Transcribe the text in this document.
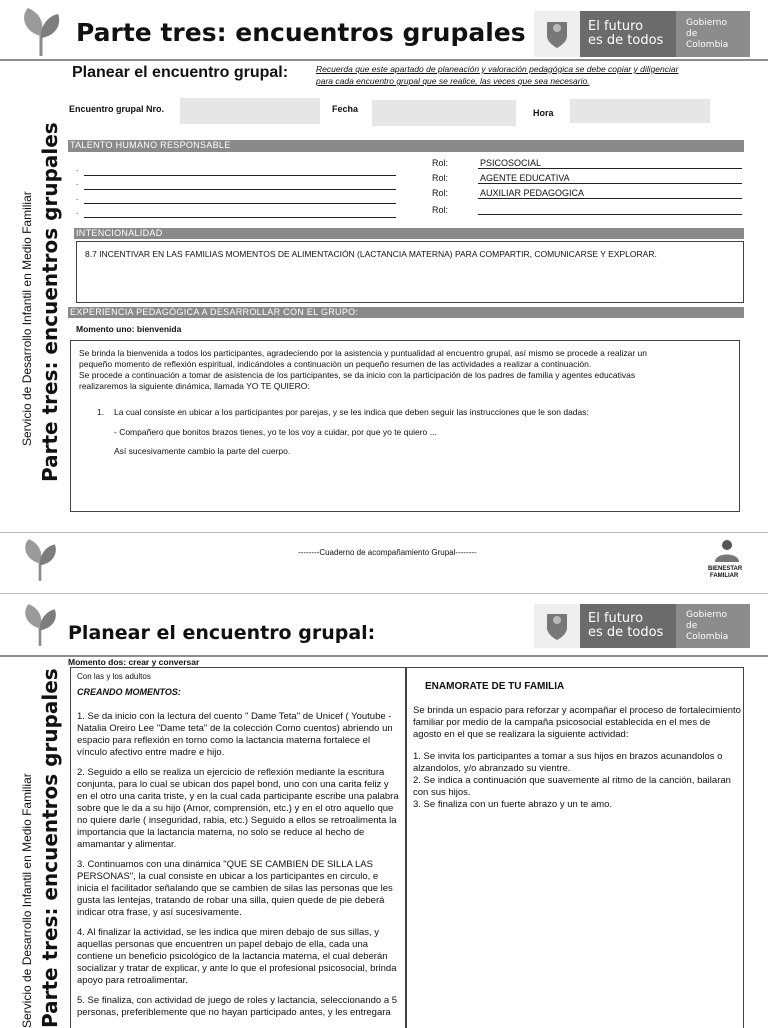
Parte tres: encuentros grupales	El futuro
es de todos
Gobierno
de Colombia
Planear el encuentro grupal:	Recuerda que este apartado de planeación y valoración pedagógica se debe copiar y diligenciar
para cada encuentro grupal que se realice, las veces que sea necesario.
Encuentro grupal Nro.	Fecha	Hora
TALENTO HUMANO RESPONSABLE
.
.
.
.
Rol:	PSICOSOCIAL
Rol:	AGENTE EDUCATIVA
Rol:	AUXILIAR PEDAGOGICA
Rol:
INTENCIONALIDAD
8.7 INCENTIVAR EN LAS FAMILIAS MOMENTOS DE ALIMENTACIÓN (LACTANCIA MATERNA) PARA COMPARTIR, COMUNICARSE Y EXPLORAR.
EXPERIENCIA PEDAGÓGICA A DESARROLLAR CON EL GRUPO:
Momento uno: bienvenida

Se brinda la bienvenida a todos los participantes, agradeciendo por la asistencia y puntualidad al encuentro grupal, así mismo se procede a realizar un

pequeño momento de reflexión espiritual, indicándoles a continuación un pequeño resumen de las actividades a realizar a continuación.

Se procede a continuación a tomar de asistencia de los participantes, se da inicio con la participación de los padres de familia y agentes educativas

realizaremos la siguiente dinámica, llamada YO TE QUIERO:

1. La cual consiste en ubicar a los participantes por parejas, y se les indica que deben seguir las instrucciones que le son dadas:
- Compañero que bonitos brazos tienes, yo te los voy a cuidar, por que yo te quiero ...
Así sucesivamente cambio la parte del cuerpo.
Servicio de Desarrollo Infantil en Medio Familiar Parte tres: encuentros grupales
--------Cuaderno de acompañamiento Grupal--------
BIENESTAR
FAMILIAR
Planear el encuentro grupal:
El futuro
es de todos
Gobierno
de Colombia
Momento dos: crear y conversar
Con las y los adultos
CREANDO MOMENTOS:

1. Se da inicio con la lectura del cuento " Dame Teta" de Unicef ( Youtube - Natalia Oreiro Lee "Dame teta" de la colección Como cuentos) abriendo un espacio para reflexión en torno como la lactancia materna fortalece el vínculo afectivo entre madre e hijo.

2. Seguido a ello se realiza un ejercicio de reflexión mediante la escritura conjunta, para lo cual se ubican dos papel bond, uno con una carita feliz y en el otro una carita triste, y en la cual cada participante escribe una palabra sobre que le da a su hijo (Amor, comprensión, etc.) y en el otro aquello que no quiere darle ( inseguridad, rabia, etc.) Seguido a ellos se retroalimenta la importancia que la lactancia materna, no solo se reduce al hecho de amamantar y alimentar.

3. Continuamos con una dinámica "QUE SE CAMBIEN DE SILLA LAS PERSONAS", la cual consiste en ubicar a los participantes en circulo, e inicia el facilitador señalando que se cambien de silas las personas que les gusta las lentejas, tratando de robar una silla, quien quede de pie deberá indicar otra frase, y así sucesivamente.

4. Al finalizar la actividad, se les indica que miren debajo de sus sillas, y aquellas personas que encuentren un papel debajo de ella, cada una contiene un beneficio psicológico de la lactancia materna, el cual deberán socializar y tratar de explicar, y ante lo que el profesional psicosocial, brinda apoyo para retroalimentar.

5. Se finaliza, con actividad de juego de roles y lactancia, seleccionando a 5 personas, preferiblemente que no hayan participado antes, y les entregara

ENAMORATE DE TU FAMILIA

Se brinda un espacio para reforzar y acompañar el proceso de fortalecimiento familiar por medio de la campaña psicosocial establecida en el mes de agosto en el que se realizara la siguiente actividad:

1. Se invita los participantes a tomar a sus hijos en brazos acunandolos o alzandolos, y/o abranzado su vientre.

2. Se indica a continuación que suavemente al ritmo de la canción, bailaran con sus hijos.

3. Se finaliza con un fuerte abrazo y un te amo.

Servicio de Desarrollo Infantil en Medio Familiar Parte tres: encuentros grupales
